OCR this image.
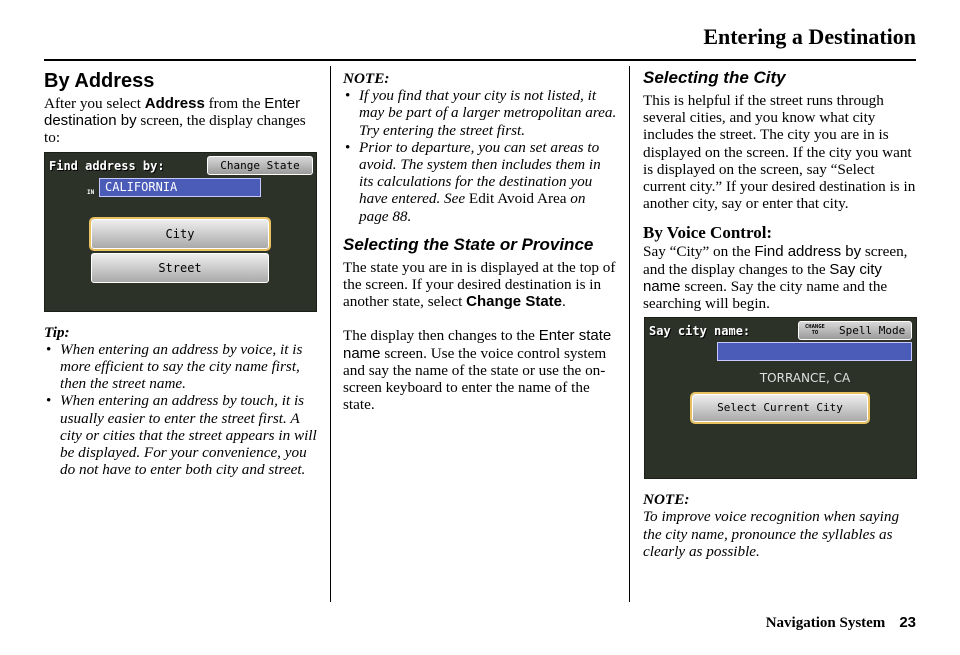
Entering a Destination
By Address

After you select Address from the Enter destination by screen, the display changes to:

Find address by:	Change State
IN CALIFORNIA
City
Street

Tip:

• When entering an address by voice, it is more efficient to say the city name first, then the street name.
• When entering an address by touch, it is usually easier to enter the street first. A city or cities that the street appears in will be displayed. For your convenience, you do not have to enter both city and street.

NOTE:

• If you find that your city is not listed, it may be part of a larger metropolitan area. Try entering the street first.
• Prior to departure, you can set areas to avoid. The system then includes them in its calculations for the destination you have entered. See Edit Avoid Area on page 88.
Selecting the State or Province

The state you are in is displayed at the top of the screen. If your desired destination is in another state, select Change State.

The display then changes to the Enter state name screen. Use the voice control system and say the name of the state or use the on-screen keyboard to enter the name of the state.

Selecting the City

This is helpful if the street runs through several cities, and you know what city includes the street. The city you are in is displayed on the screen. If the city you want is displayed on the screen, say “Select current city.” If your desired destination is in another city, say or enter that city.

By Voice Control:

Say “City” on the Find address by screen, and the display changes to the Say city name screen. Say the city name and the searching will begin.

Say city name:	CHANGE
TO	Spell Mode
TORRANCE, CA
Select Current City

NOTE:

To improve voice recognition when saying the city name, pronounce the syllables as clearly as possible.

Navigation System 23
